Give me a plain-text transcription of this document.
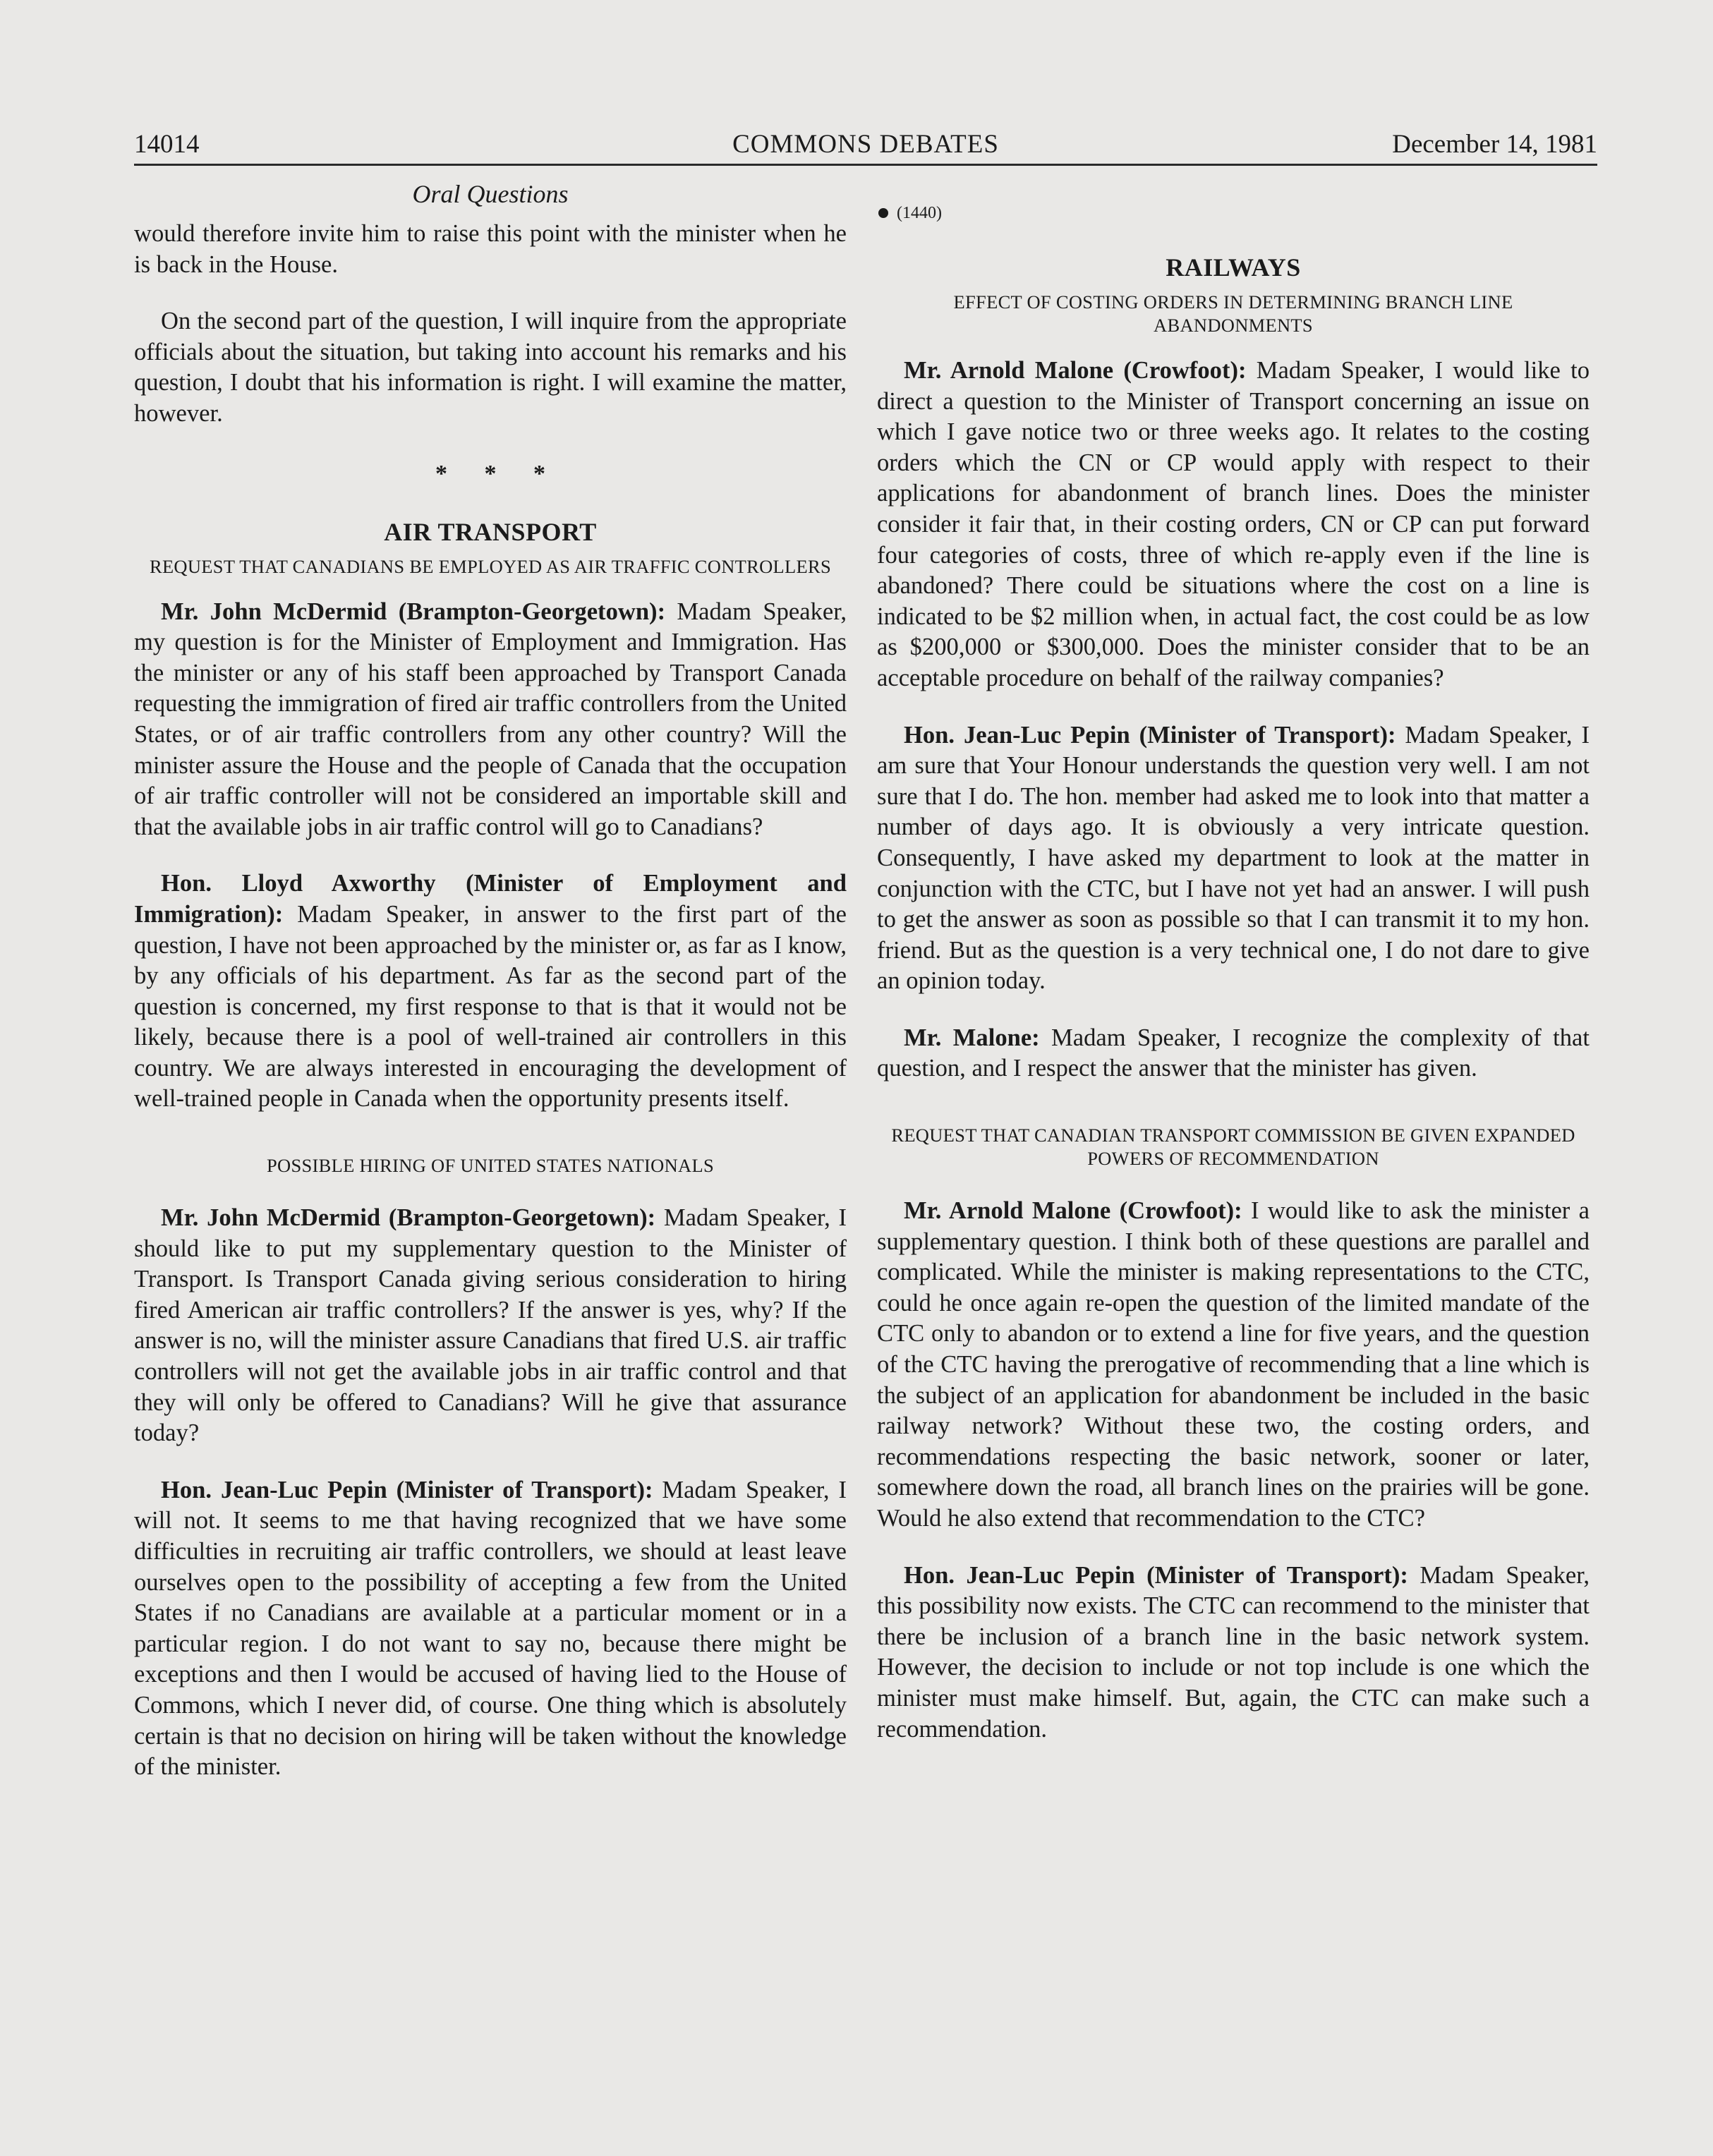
14014	COMMONS DEBATES	December 14, 1981
Oral Questions

would therefore invite him to raise this point with the minister when he is back in the House.

On the second part of the question, I will inquire from the appropriate officials about the situation, but taking into account his remarks and his question, I doubt that his information is right. I will examine the matter, however.

* * *
AIR TRANSPORT
REQUEST THAT CANADIANS BE EMPLOYED AS AIR TRAFFIC CONTROLLERS

Mr. John McDermid (Brampton-Georgetown): Madam Speaker, my question is for the Minister of Employment and Immigration. Has the minister or any of his staff been approached by Transport Canada requesting the immigration of fired air traffic controllers from the United States, or of air traffic controllers from any other country? Will the minister assure the House and the people of Canada that the occupation of air traffic controller will not be considered an importable skill and that the available jobs in air traffic control will go to Canadians?

Hon. Lloyd Axworthy (Minister of Employment and Immigration): Madam Speaker, in answer to the first part of the question, I have not been approached by the minister or, as far as I know, by any officials of his department. As far as the second part of the question is concerned, my first response to that is that it would not be likely, because there is a pool of well-trained air controllers in this country. We are always interested in encouraging the development of well-trained people in Canada when the opportunity presents itself.

POSSIBLE HIRING OF UNITED STATES NATIONALS

Mr. John McDermid (Brampton-Georgetown): Madam Speaker, I should like to put my supplementary question to the Minister of Transport. Is Transport Canada giving serious consideration to hiring fired American air traffic controllers? If the answer is yes, why? If the answer is no, will the minister assure Canadians that fired U.S. air traffic controllers will not get the available jobs in air traffic control and that they will only be offered to Canadians? Will he give that assurance today?

Hon. Jean-Luc Pepin (Minister of Transport): Madam Speaker, I will not. It seems to me that having recognized that we have some difficulties in recruiting air traffic controllers, we should at least leave ourselves open to the possibility of accepting a few from the United States if no Canadians are available at a particular moment or in a particular region. I do not want to say no, because there might be exceptions and then I would be accused of having lied to the House of Commons, which I never did, of course. One thing which is absolutely certain is that no decision on hiring will be taken without the knowledge of the minister.

(1440)
RAILWAYS
EFFECT OF COSTING ORDERS IN DETERMINING BRANCH LINE ABANDONMENTS

Mr. Arnold Malone (Crowfoot): Madam Speaker, I would like to direct a question to the Minister of Transport concerning an issue on which I gave notice two or three weeks ago. It relates to the costing orders which the CN or CP would apply with respect to their applications for abandonment of branch lines. Does the minister consider it fair that, in their costing orders, CN or CP can put forward four categories of costs, three of which re-apply even if the line is abandoned? There could be situations where the cost on a line is indicated to be $2 million when, in actual fact, the cost could be as low as $200,000 or $300,000. Does the minister consider that to be an acceptable procedure on behalf of the railway companies?

Hon. Jean-Luc Pepin (Minister of Transport): Madam Speaker, I am sure that Your Honour understands the question very well. I am not sure that I do. The hon. member had asked me to look into that matter a number of days ago. It is obviously a very intricate question. Consequently, I have asked my department to look at the matter in conjunction with the CTC, but I have not yet had an answer. I will push to get the answer as soon as possible so that I can transmit it to my hon. friend. But as the question is a very technical one, I do not dare to give an opinion today.

Mr. Malone: Madam Speaker, I recognize the complexity of that question, and I respect the answer that the minister has given.

REQUEST THAT CANADIAN TRANSPORT COMMISSION BE GIVEN EXPANDED POWERS OF RECOMMENDATION

Mr. Arnold Malone (Crowfoot): I would like to ask the minister a supplementary question. I think both of these questions are parallel and complicated. While the minister is making representations to the CTC, could he once again re-open the question of the limited mandate of the CTC only to abandon or to extend a line for five years, and the question of the CTC having the prerogative of recommending that a line which is the subject of an application for abandonment be included in the basic railway network? Without these two, the costing orders, and recommendations respecting the basic network, sooner or later, somewhere down the road, all branch lines on the prairies will be gone. Would he also extend that recommendation to the CTC?

Hon. Jean-Luc Pepin (Minister of Transport): Madam Speaker, this possibility now exists. The CTC can recommend to the minister that there be inclusion of a branch line in the basic network system. However, the decision to include or not top include is one which the minister must make himself. But, again, the CTC can make such a recommendation.
